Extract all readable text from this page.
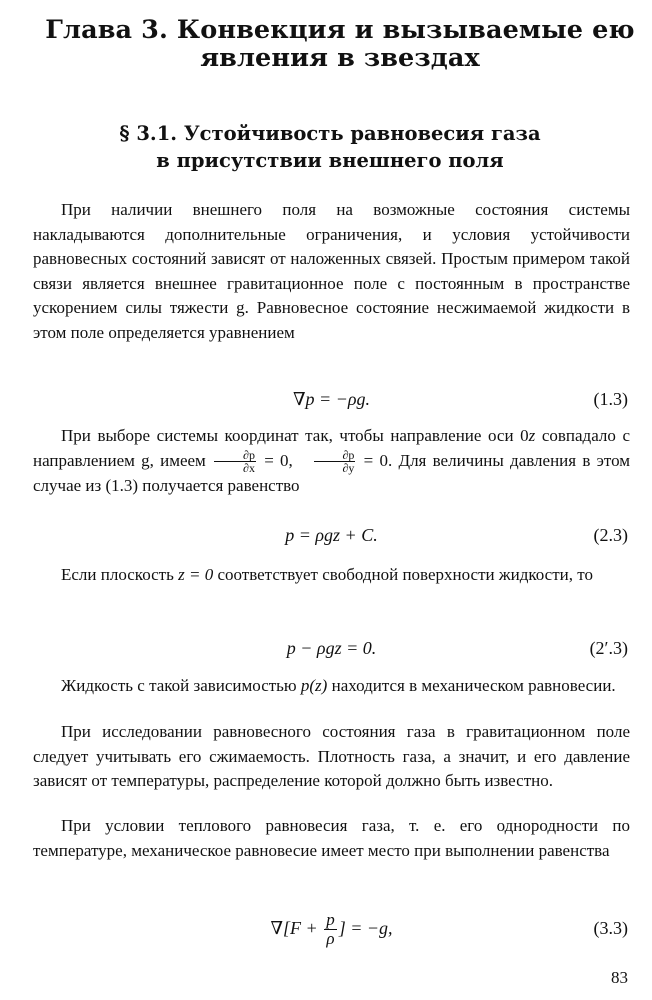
Глава 3. Конвекция и вызываемые ею
явления в звездах
§ 3.1. Устойчивость равновесия газа
в присутствии внешнего поля

При наличии внешнего поля на возможные состояния системы накладываются дополнительные ограничения, и условия устойчивости равновесных состояний зависят от наложенных связей. Простым примером такой связи является внешнее гравитационное поле с постоянным в пространстве ускорением силы тяжести g. Равновесное состояние несжимаемой жидкости в этом поле определяется уравнением

∇p = −ρg.	(1.3)

При выборе системы координат так, чтобы направление оси 0z совпадало с направлением g, имеем $\frac{\partial p}{\partial x} = 0$, $\frac{\partial p}{\partial y} = 0$. Для величины давления в этом случае из (1.3) получается равенство

p = ρgz + C.	(2.3)

Если плоскость z = 0 соответствует свободной поверхности жидкости, то

p − ρgz = 0.	(2′.3)

Жидкость с такой зависимостью p(z) находится в механическом равновесии.

При исследовании равновесного состояния газа в гравитационном поле следует учитывать его сжимаемость. Плотность газа, а значит, и его давление зависят от температуры, распределение которой должно быть известно.

При условии теплового равновесия газа, т. е. его однородности по температуре, механическое равновесие имеет место при выполнении равенства

$\nabla[F + \frac{p}{\rho}$ ] = −g,	(3.3)
83
